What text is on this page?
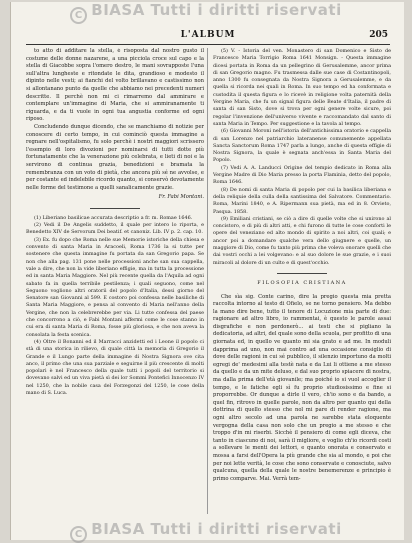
C BIASA Tutti i diritti riservati
L'ALBUM	205

to atto di additare la stella, è risoposta dal nostro gusto il costume delle donne nazarene, a una picciola croce sul capo e la stella di Giacobbe sopra l'omero destro, le mani sovrapposte l'una sull'altra lungheste e ritondate le dita, grandioso e modesto il dipinto nelle vesti; ai fianchi del volto brillavano e castissimo non si allontanano punto da quelle che abbiamo nei precedenti numeri descritte. Il perchè non mi ci rimarremo dal ammirare e contemplare un'immagine di Maria, che si ammiranamente ti riguarda, e da ti vuole in ogni tua angustia conforme ed ogni riposo.

Concludendo dunque dicendo, che se manchiamo di notizie per conoscere di certo tempo, in cui cominciò questa immagine a regnare nell'ospitalismo, fu solo perchè i nostri maggiori scrissero l'esempio di loro divozioni per nominarsi di tutti dotte più fortunatamente che la venerazione più celebrata, e lieti di noi e la servirono di continua grazia, benedizioni e bramata la remembranza con un voto di pietà, che ancora più sé ne avvolse, e per costante ed indelebile ricordo quanto, si conservò devotamente nelle forme del testimone a quelli sanalicamente grazie.

Fr. Fabi Montani.

(1) Liberiano basilicae accurata descriptio a fr. m. Romae 1646.

(2) Vedi il De Angelis suddetto, il quale per intero lo riporta, e Benedetto XIV de Servorum Dei beatif. et canoniz. Lib. IV p. 2. cap. 10.

(3) Ex. fu dopo che Roma nelle sue Memorie istoriche della chiesa e convento di santa Maria in Aracoeli, Roma 1736 la si tutte per sostenere che questa immagine fu portata da san Gregorio papa. Se non che alla pag. 131 pone nelle processioni anche san sua cappella, vale a dire, che non la vide liberiano effigie, ma in tutta la processione ed in santa Maria Maggiore. Nel più recente quella da l'Aquila ad ogni sabato fa in quella terribile pestilenza; i quali seguono, come nel Seguono vogliono altri oratorii del popolo d'Italia, dessi giorno del Senatore san Giovanni al 599. E costoro poi confessa nelle basiliche di Santa Maria Maggiore, e pensa al convento di Maria nell'anno della Vergine, che non la celebrerebbe per via. Li tutte confessa del paese che concorrono a ciò, e Fabi Montani affermi come le cose stanno in cui era di santa Maria di Roma, fosse più gloriosa, e che non aveva la consolata la festa scenica.

(4) Oltre il Bonanni ed il Marracci anzidetti ed i Leone il popolo ci stà di una storica in rilievo, di quale città la memoria di Gregorio il Grande e il Lungo parte della immagine di Nostra Signora ove cita anco, il primo che una sua parziale e seguirne il più crescente di molti popolari è nel Francesco della quale tutti i popoli del territorio si dovevano salvi ed un viva pietà sì dei lor Sommi Pontefici Innocenzo IV nel 1250, che la nobile casa del Forzegonzi del 1250, le cose della mano di S. Luca.

(5) V. - Istoria del ven. Monastero di san Domenico e Sisto de Francesco Maria Torrigio Roma 1641 Monsign. - Questa immagine dicesi portata in Roma da un pellegrino di Gerusalemme, ancor prima di san Gregorio magno. Fu trasmessa dalle sue case di Costantinopoli, anno 1300 fu consegnata da Nostra Signora a Gerusalemme, e da quella si ricorda nei quali in Roma. In suo tempo ed ha conformata e custodita il questa figura e lo ricevè in religione volta paternità della Vergine Maria, che fu un signal figura delle Beate d'Italia, il padre di santa di san Sisto, dove si trova per ogni genere volte sicure, poi regolar l'invenzione dell'universo vivente e raccomandato dal santo di santa Maria in Tempo. Per suggestione e la tavola al tempo.

(6) Giovanni Moroni nell'istoria dell'antichissima oratorio e cappella di san Lorenzo nel patriarchio lateranense comunemente appellata Sancta Sanctorum Roma 1747 parla a lungo, anche di questa effigie di Nostra Signora, la quale è segnata anch'essa in Santa Maria del Popolo.

(7) Vedi A. A. Landucci Origine del tempio dedicato in Roma alla Vergine Madre di Dio Maria presso la porta Flaminia, detto del popolo, Roma 1646.

(8) De nomi di santa Maria di popolo per cui la basilica liberiana e della reliquie della culla della santissima del Salvatore. Commentario. Roma, Marini 1840, e A. Ripermann sua pietà, ma ed in 8. Orvieto, Pasqua. 1858.

(9) Emiliani cristiani, se ciò a dire di quelle volte che si unirono al concistoro, e di più di altri atti, e chi furono di tutte le cose conforti le opere del veneziano ed alto mondo di spirito a noi altri, coi quali; e ancor poi a domandare qualche vera dello giugnere e quelle, un maggiore di Dio, come fu tanto più prima che voleva onorare quelli che dai vostri occhi a lei volgevano: e al suo dolore le sue grazie, e i suoi miracoli al dolore di un culto e di quest'occhio.

FILOSOFIA CRISTIANA

Che sìa sig. Conte carino, dire la pregio questa mia pretta raccolta intorno al testo di Ofielo, se ne torno pensiero. Ma debbo la mano dire bene, tutto il tenore di Locuzione mia parte di due: ragionare ad altro libro, io rammentai, è questo le parole assai disgrafiche e non perdonerò... ai testi che si pigliano la dedicatoria, ad altri, del quale sono della scuola, per profitto di una giornata ed, in quello ve quanto mi sia grato e ad me. In moduli dapprima ad uno, non mai contro ad una occasione consiglio di dove delle ragioni in cui sé pubblico, il silenzio importuno da molti egregi de' medesimi alla testè nata e da Lui li ottiene a me stesso da quello e da un mite deluso, e dal suo proprio spiacere di nostra, ma dalla prima dell'età giovanile; ma poiché io si vuol accoglier il tempo, e le fatiche egli sì fu proprio studiosissimo e fine si proporrebbe. Or dunque a dirle il vero, ch'io sono e da bando, a quel fin, ritrovo in quelle parole, non da altro per quanto qui della dottrina di quello stesso che nol mi pare di render ragione, ma ogni altro secolo ad una parola ne sarebbe stata eloquente vergogna della casa non solo che un pregio a me stesso e che troppo d'in mi riserbi. Sicchè il pensiero di come egli diceva, che tanto in ciascuno di noi, sarà il migliore, e voglio ch'io ricordi costi a sollevare le menti dei lettori, e quanto onorata e conservato e mossa a farsi dell'Opera la più grande che sia al mondo, e poi che per noi lette verità, le cose che sono conservate e conosciute, salvo qualcuna, quella della quale le nostre benemerenze e principio è primo comparve. Mai. Verrà tem-

C BIASA Tutti i diritti riservati
